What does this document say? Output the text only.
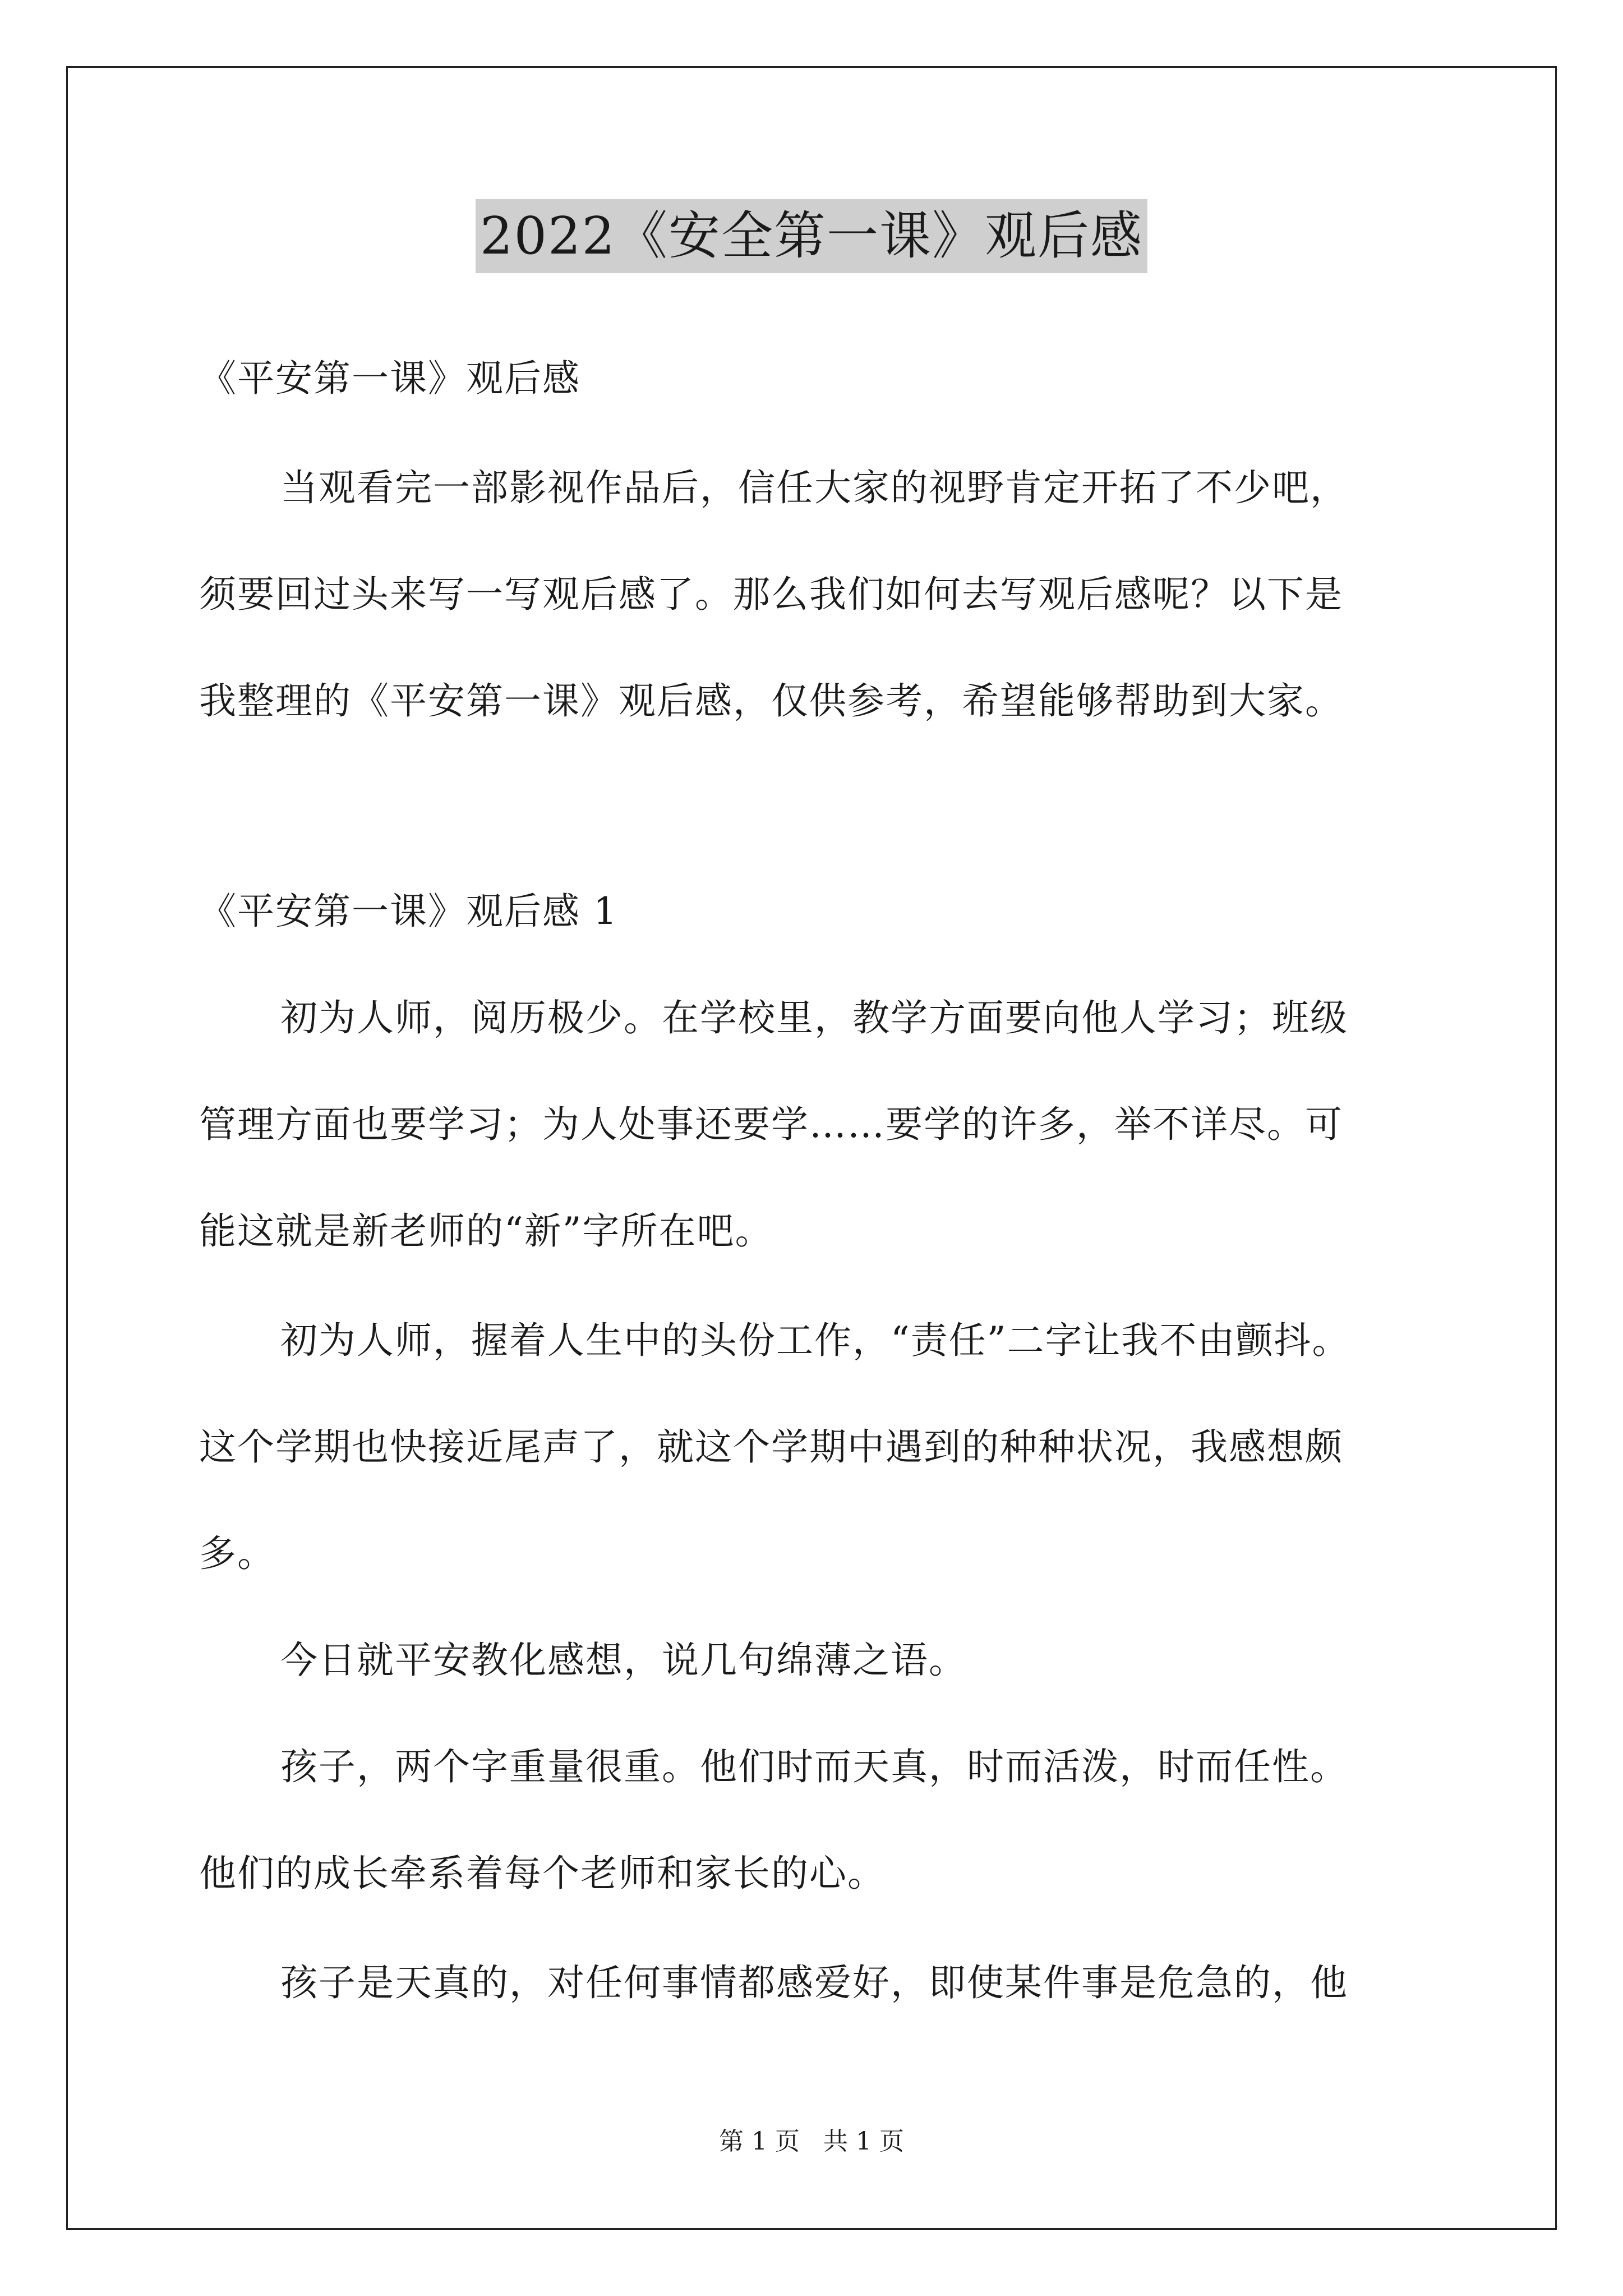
2022《安全第一课》观后感
《平安第一课》观后感
当观看完一部影视作品后，信任大家的视野肯定开拓了不少吧，
须要回过头来写一写观后感了。那么我们如何去写观后感呢？以下是
我整理的《平安第一课》观后感，仅供参考，希望能够帮助到大家。
《平安第一课》观后感 1
初为人师，阅历极少。在学校里，教学方面要向他人学习；班级
管理方面也要学习；为人处事还要学……要学的许多，举不详尽。可
能这就是新老师的“新”字所在吧。
初为人师，握着人生中的头份工作，“责任”二字让我不由颤抖。
这个学期也快接近尾声了，就这个学期中遇到的种种状况，我感想颇
多。
今日就平安教化感想，说几句绵薄之语。
孩子，两个字重量很重。他们时而天真，时而活泼，时而任性。
他们的成长牵系着每个老师和家长的心。
孩子是天真的，对任何事情都感爱好，即使某件事是危急的，他
第 1 页   共 1 页
